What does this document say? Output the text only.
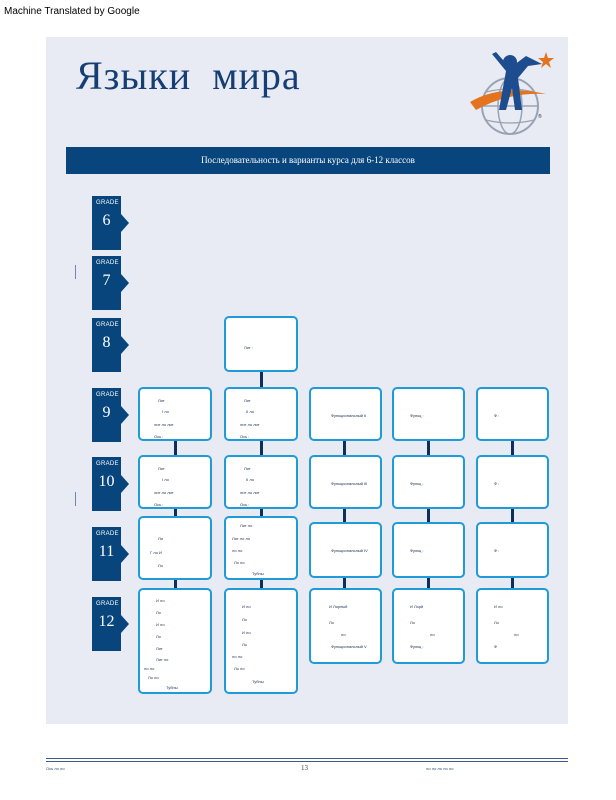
Machine Translated by Google
Языки мира
®
Последовательность и варианты курса для 6-12 классов
GRADE
6
GRADE
7
GRADE
8
GRADE
9
GRADE
10
GRADE
11
GRADE
12
Лит :
Лит
I ло
лит ло лит
Ось :
Лит
II ло
лит ло лит
Ось :
Функциональный II	Функц :	Ф :
Лит
I ло
лит ло лит
Ось :
Лит
II ло
лит ло лит
Ось :
Функциональный III	Функц :	Ф :
Ли
Г ло И
Ло
Лит ло
Лит ло ло
ло ло
Ло ло
Тубны
Функциональный IV	Функц :	Ф :
И ло
Ло
И ло
Ло
Лит
Лит ло
ло ло
Ло ло
Тубны
И ло
Ло
И ло
Ло
ло ло
Ло ло
Тубны
И Лирный
Ло
ло
Функциональный V
И Лорй
Ло
ло
Функц :
И ло
Ло
ло
Ф
Ось ло ло	13	ло ло ло ло ло
